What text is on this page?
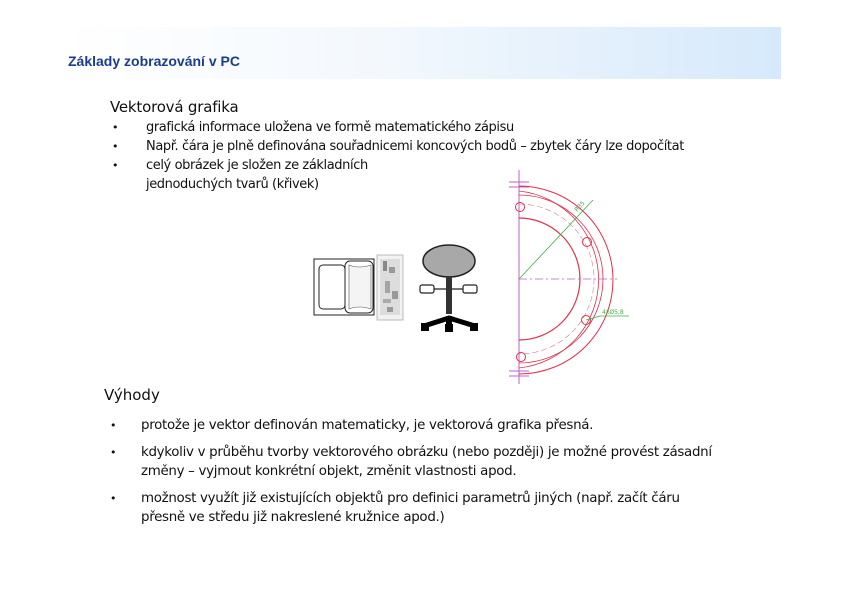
Základy zobrazování v PC
Vektorová grafika
• grafická informace uložena ve formě matematického zápisu
• Např. čára je plně definována souřadnicemi koncových bodů – zbytek čáry lze dopočítat
• celý obrázek je složen ze základních jednoduchých tvarů (křivek)
R35
4xØ5,8
Výhody
• protože je vektor definován matematicky, je vektorová grafika přesná.
• kdykoliv v průběhu tvorby vektorového obrázku (nebo později) je možné provést zásadní změny – vyjmout konkrétní objekt, změnit vlastnosti apod.
• možnost využít již existujících objektů pro definici parametrů jiných (např. začít čáru přesně ve středu již nakreslené kružnice apod.)
